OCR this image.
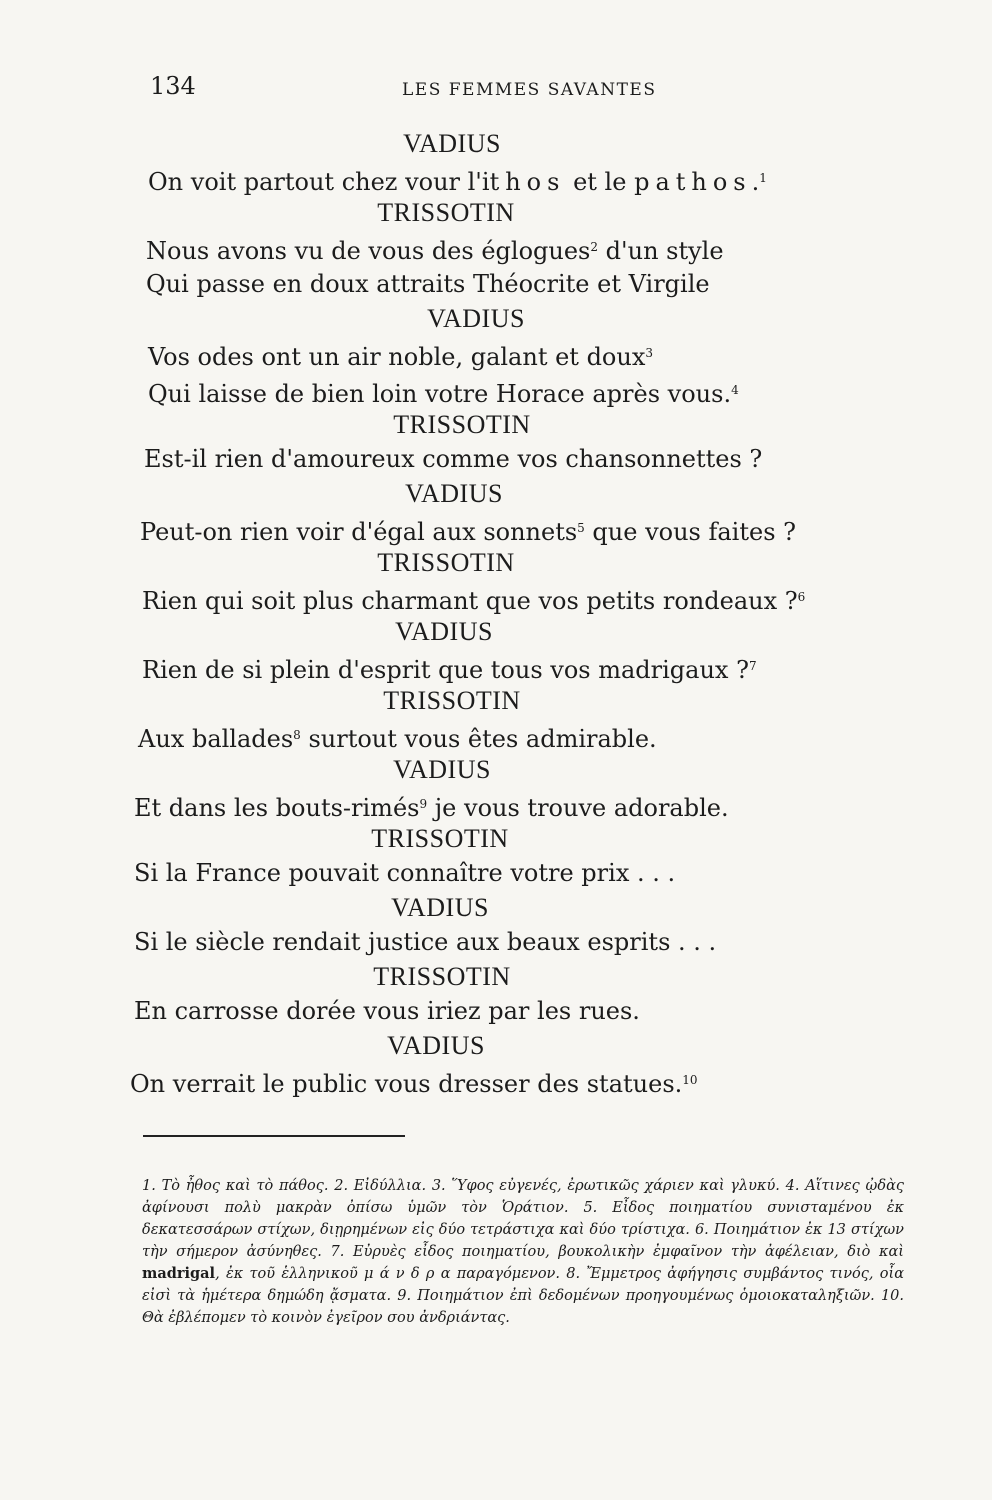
134	LES FEMMES SAVANTES
VADIUS
On voit partout chez vour l'ithos et le pathos.$^1$
TRISSOTIN
Nous avons vu de vous des églogues$^2$ d'un style
Qui passe en doux attraits Théocrite et Virgile
VADIUS
Vos odes ont un air noble, galant et doux$^3$
Qui laisse de bien loin votre Horace après vous.$^4$
TRISSOTIN
Est-il rien d'amoureux comme vos chansonnettes ?
VADIUS
Peut-on rien voir d'égal aux sonnets$^5$ que vous faites ?
TRISSOTIN
Rien qui soit plus charmant que vos petits rondeaux ?$^6$
VADIUS
Rien de si plein d'esprit que tous vos madrigaux ?$^7$
TRISSOTIN
Aux ballades$^8$ surtout vous êtes admirable.
VADIUS
Et dans les bouts-rimés$^9$ je vous trouve adorable.
TRISSOTIN
Si la France pouvait connaître votre prix . . .
VADIUS
Si le siècle rendait justice aux beaux esprits . . .
TRISSOTIN
En carrosse dorée vous iriez par les rues.
VADIUS
On verrait le public vous dresser des statues.$^{10}$
1. Τὸ ἦθος καὶ τὸ πάθος. 2. Εἰδύλλια. 3. Ὕφος εὐγενές, ἐρωτικῶς χάριεν καὶ γλυκύ. 4. Αἵτινες ᾠδὰς ἀφίνουσι πολὺ μακρὰν ὀπίσω ὑμῶν τὸν Ὁράτιον. 5. Εἶδος ποιηματίου συνισταμένου ἐκ δεκατεσσάρων στίχων, διῃρημένων εἰς δύο τετράστιχα καὶ δύο τρίστιχα. 6. Ποιημάτιον ἐκ 13 στίχων τὴν σήμερον ἀσύνηθες. 7. Εὐρυὲς εἶδος ποιηματίου, βουκολικὴν ἐμφαῖνον τὴν ἀφέλειαν, διὸ καὶ madrigal, ἐκ τοῦ ἑλληνικοῦ μ ά ν δ ρ α παραγόμενον. 8. Ἔμμετρος ἀφήγησις συμβάντος τινός, οἷα εἰσὶ τὰ ἡμέτερα δημώδη ᾄσματα. 9. Ποιημάτιον ἐπὶ δεδομένων προηγουμένως ὁμοιοκαταληξιῶν. 10. Θὰ ἐβλέπομεν τὸ κοινὸν ἐγεῖρον σου ἀνδριάντας.
